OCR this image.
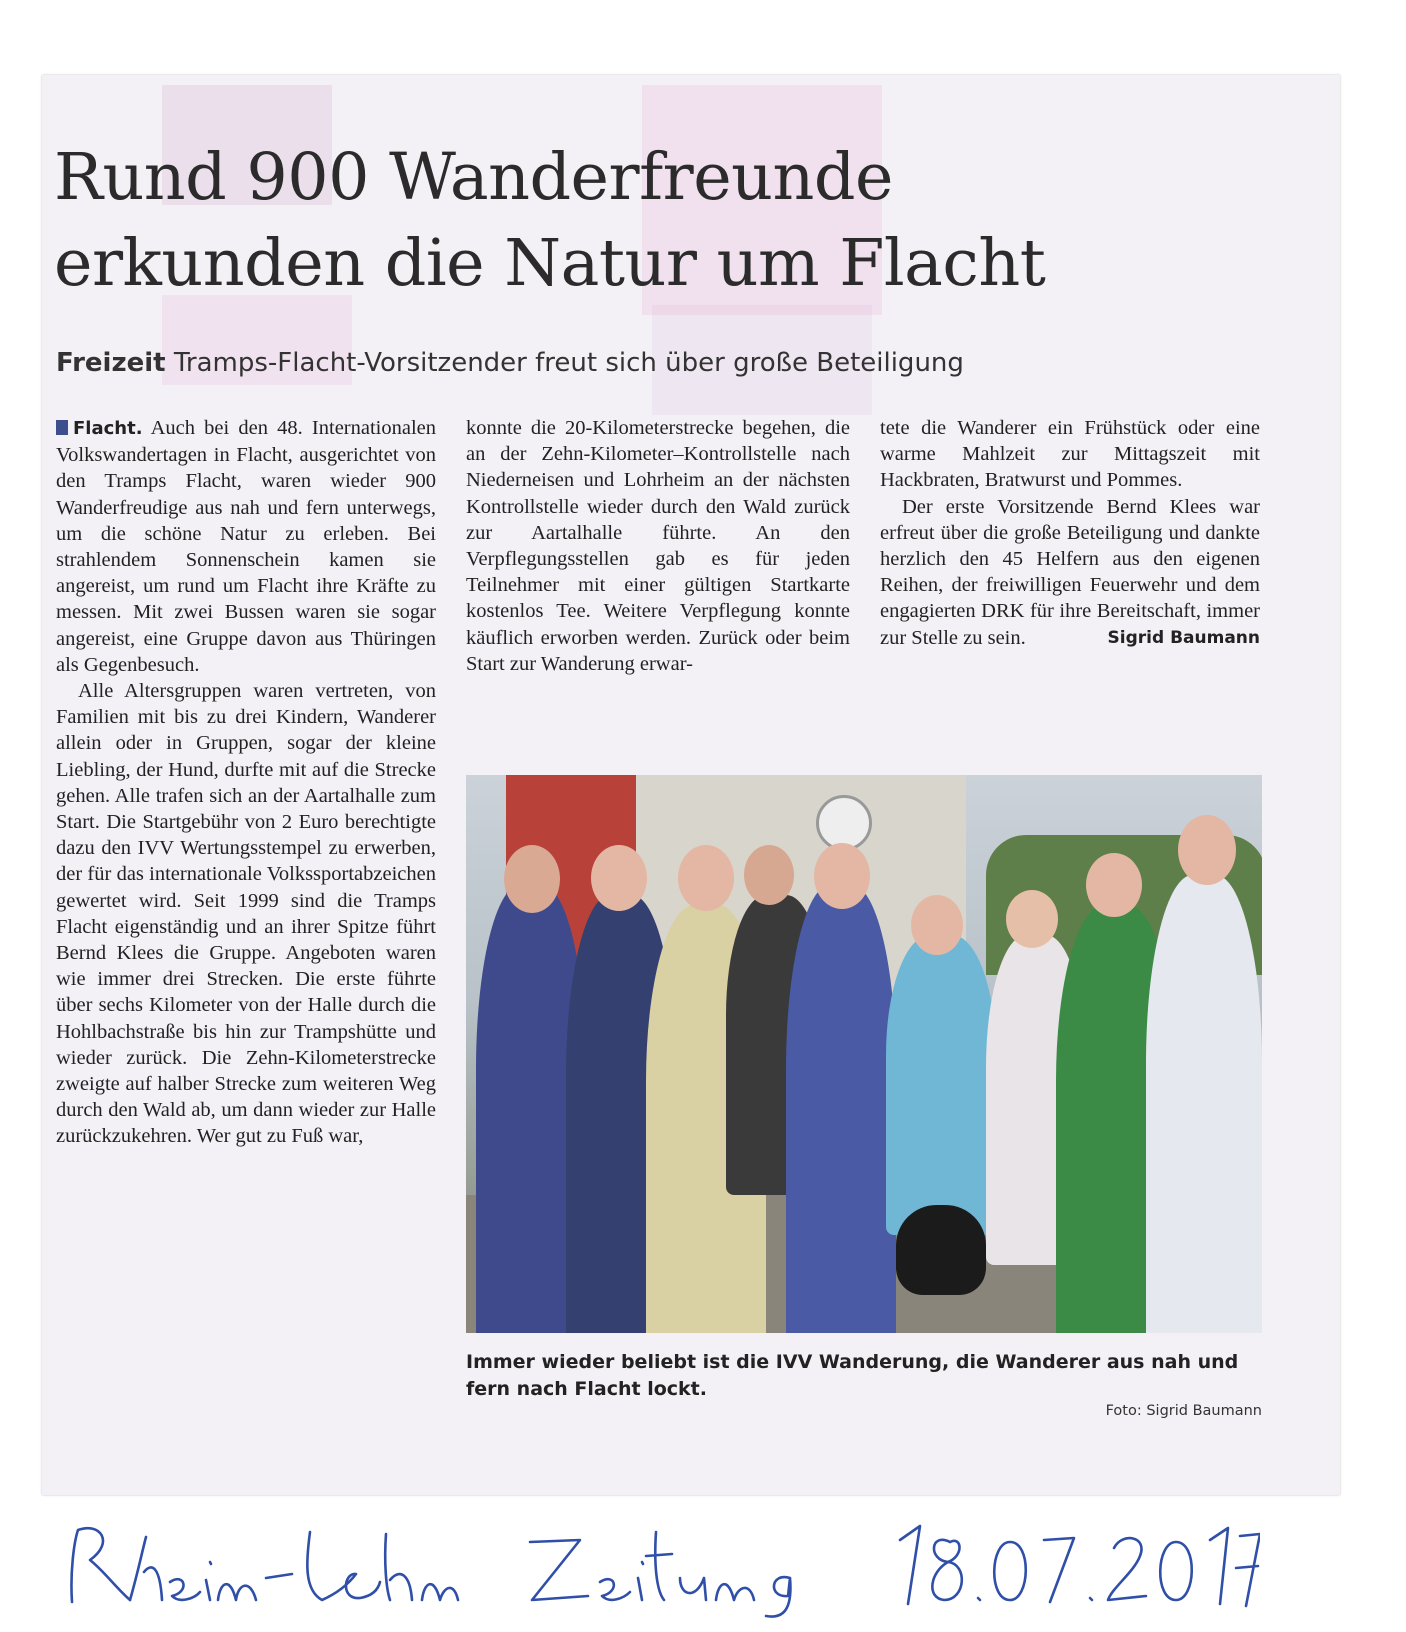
Rund 900 Wanderfreunde
erkunden die Natur um Flacht

Freizeit Tramps-Flacht-Vorsitzender freut sich über große Beteiligung

Flacht. Auch bei den 48. Internationalen Volkswandertagen in Flacht, ausgerichtet von den Tramps Flacht, waren wieder 900 Wanderfreudige aus nah und fern unterwegs, um die schöne Natur zu erleben. Bei strahlendem Sonnenschein kamen sie angereist, um rund um Flacht ihre Kräfte zu messen. Mit zwei Bussen waren sie sogar angereist, eine Gruppe davon aus Thüringen als Gegenbesuch.

Alle Altersgruppen waren vertreten, von Familien mit bis zu drei Kindern, Wanderer allein oder in Gruppen, sogar der kleine Liebling, der Hund, durfte mit auf die Strecke gehen. Alle trafen sich an der Aartalhalle zum Start. Die Startgebühr von 2 Euro berechtigte dazu den IVV Wertungsstempel zu erwerben, der für das internationale Volkssportabzeichen gewertet wird. Seit 1999 sind die Tramps Flacht eigenständig und an ihrer Spitze führt Bernd Klees die Gruppe. Angeboten waren wie immer drei Strecken. Die erste führte über sechs Kilometer von der Halle durch die Hohlbachstraße bis hin zur Trampshütte und wieder zurück. Die Zehn-Kilometerstrecke zweigte auf halber Strecke zum weiteren Weg durch den Wald ab, um dann wieder zur Halle zurückzukehren. Wer gut zu Fuß war,

konnte die 20-Kilometerstrecke begehen, die an der Zehn-Kilometer–Kontrollstelle nach Niederneisen und Lohrheim an der nächsten Kontrollstelle wieder durch den Wald zurück zur Aartalhalle führte. An den Verpflegungsstellen gab es für jeden Teilnehmer mit einer gültigen Startkarte kostenlos Tee. Weitere Verpflegung konnte käuflich erworben werden. Zurück oder beim Start zur Wanderung erwar-

tete die Wanderer ein Frühstück oder eine warme Mahlzeit zur Mittagszeit mit Hackbraten, Bratwurst und Pommes.

Der erste Vorsitzende Bernd Klees war erfreut über die große Beteiligung und dankte herzlich den 45 Helfern aus den eigenen Reihen, der freiwilligen Feuerwehr und dem engagierten DRK für ihre Bereitschaft, immer zur Stelle zu sein.	Sigrid Baumann

Immer wieder beliebt ist die IVV Wanderung, die Wanderer aus nah und fern nach Flacht lockt.

Foto: Sigrid Baumann
Rhein-Lahn Zeitung 18.07.2017
